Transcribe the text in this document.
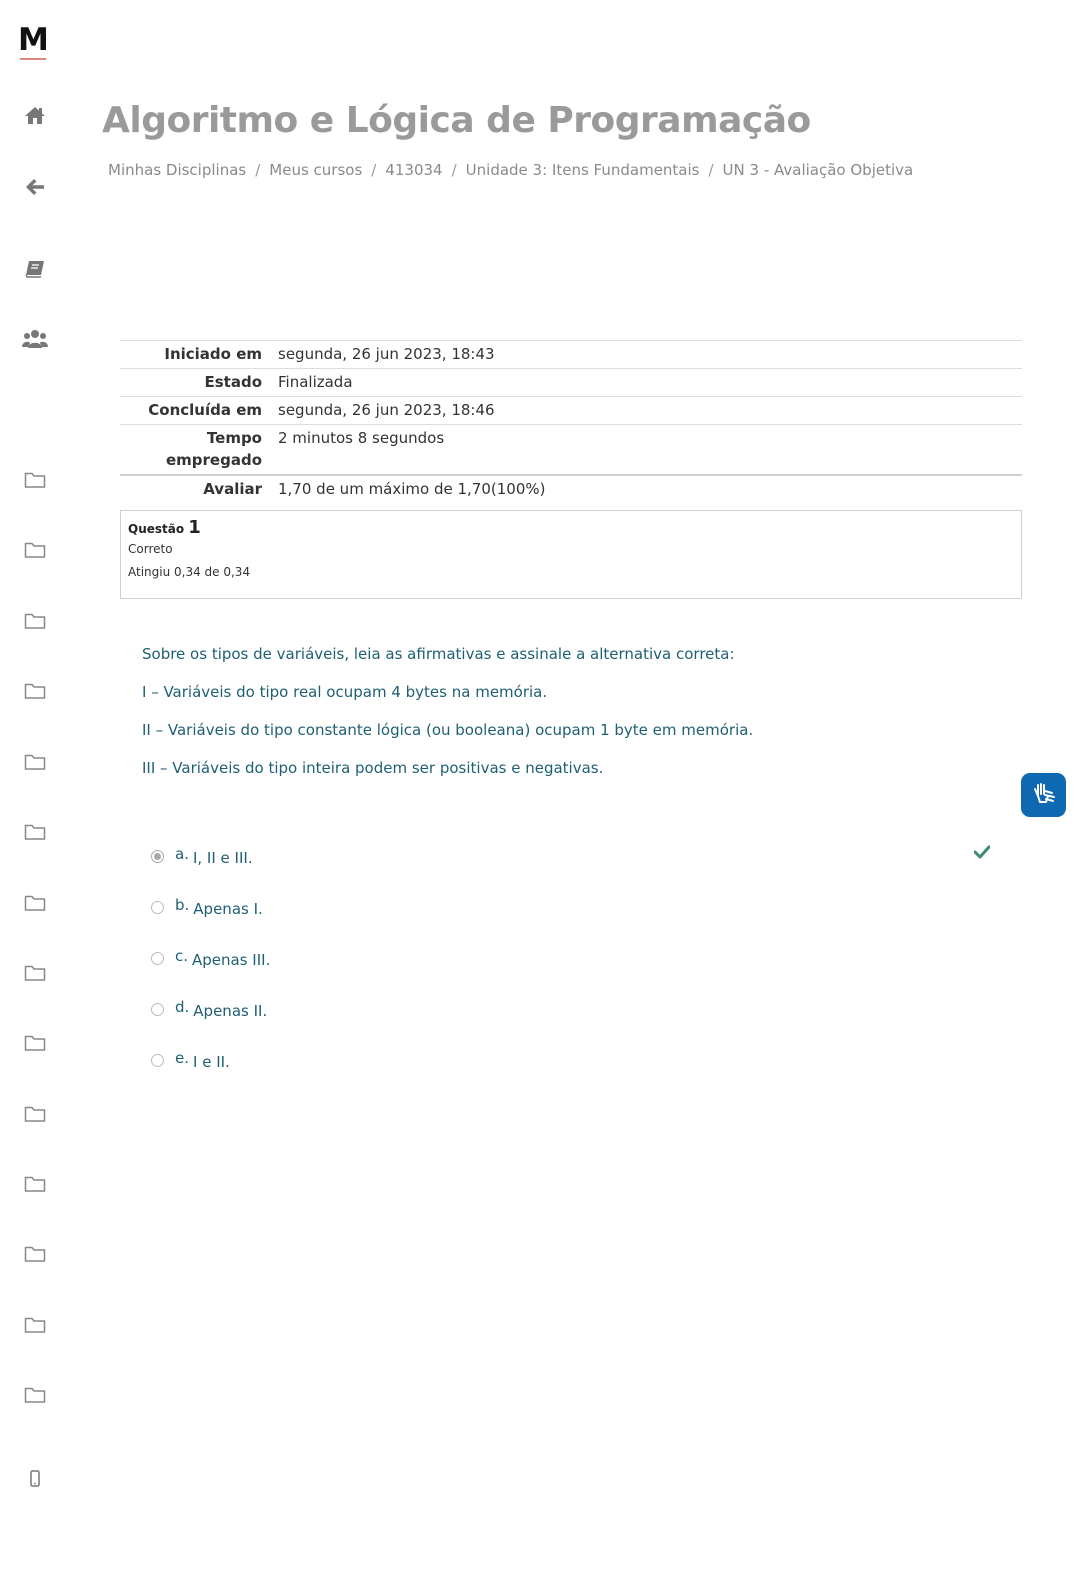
M
Algoritmo e Lógica de Programação
Minhas Disciplinas / Meus cursos / 413034 / Unidade 3: Itens Fundamentais / UN 3 - Avaliação Objetiva
Iniciado em	segunda, 26 jun 2023, 18:43
Estado	Finalizada
Concluída em	segunda, 26 jun 2023, 18:46
Tempo empregado	2 minutos 8 segundos
Avaliar	1,70 de um máximo de 1,70(100%)
Questão 1
Correto
Atingiu 0,34 de 0,34

Sobre os tipos de variáveis, leia as afirmativas e assinale a alternativa correta:

I – Variáveis do tipo real ocupam 4 bytes na memória.

II – Variáveis do tipo constante lógica (ou booleana) ocupam 1 byte em memória.

III – Variáveis do tipo inteira podem ser positivas e negativas.

a. I, II e III.
b. Apenas I.
c. Apenas III.
d. Apenas II.
e. I e II.
